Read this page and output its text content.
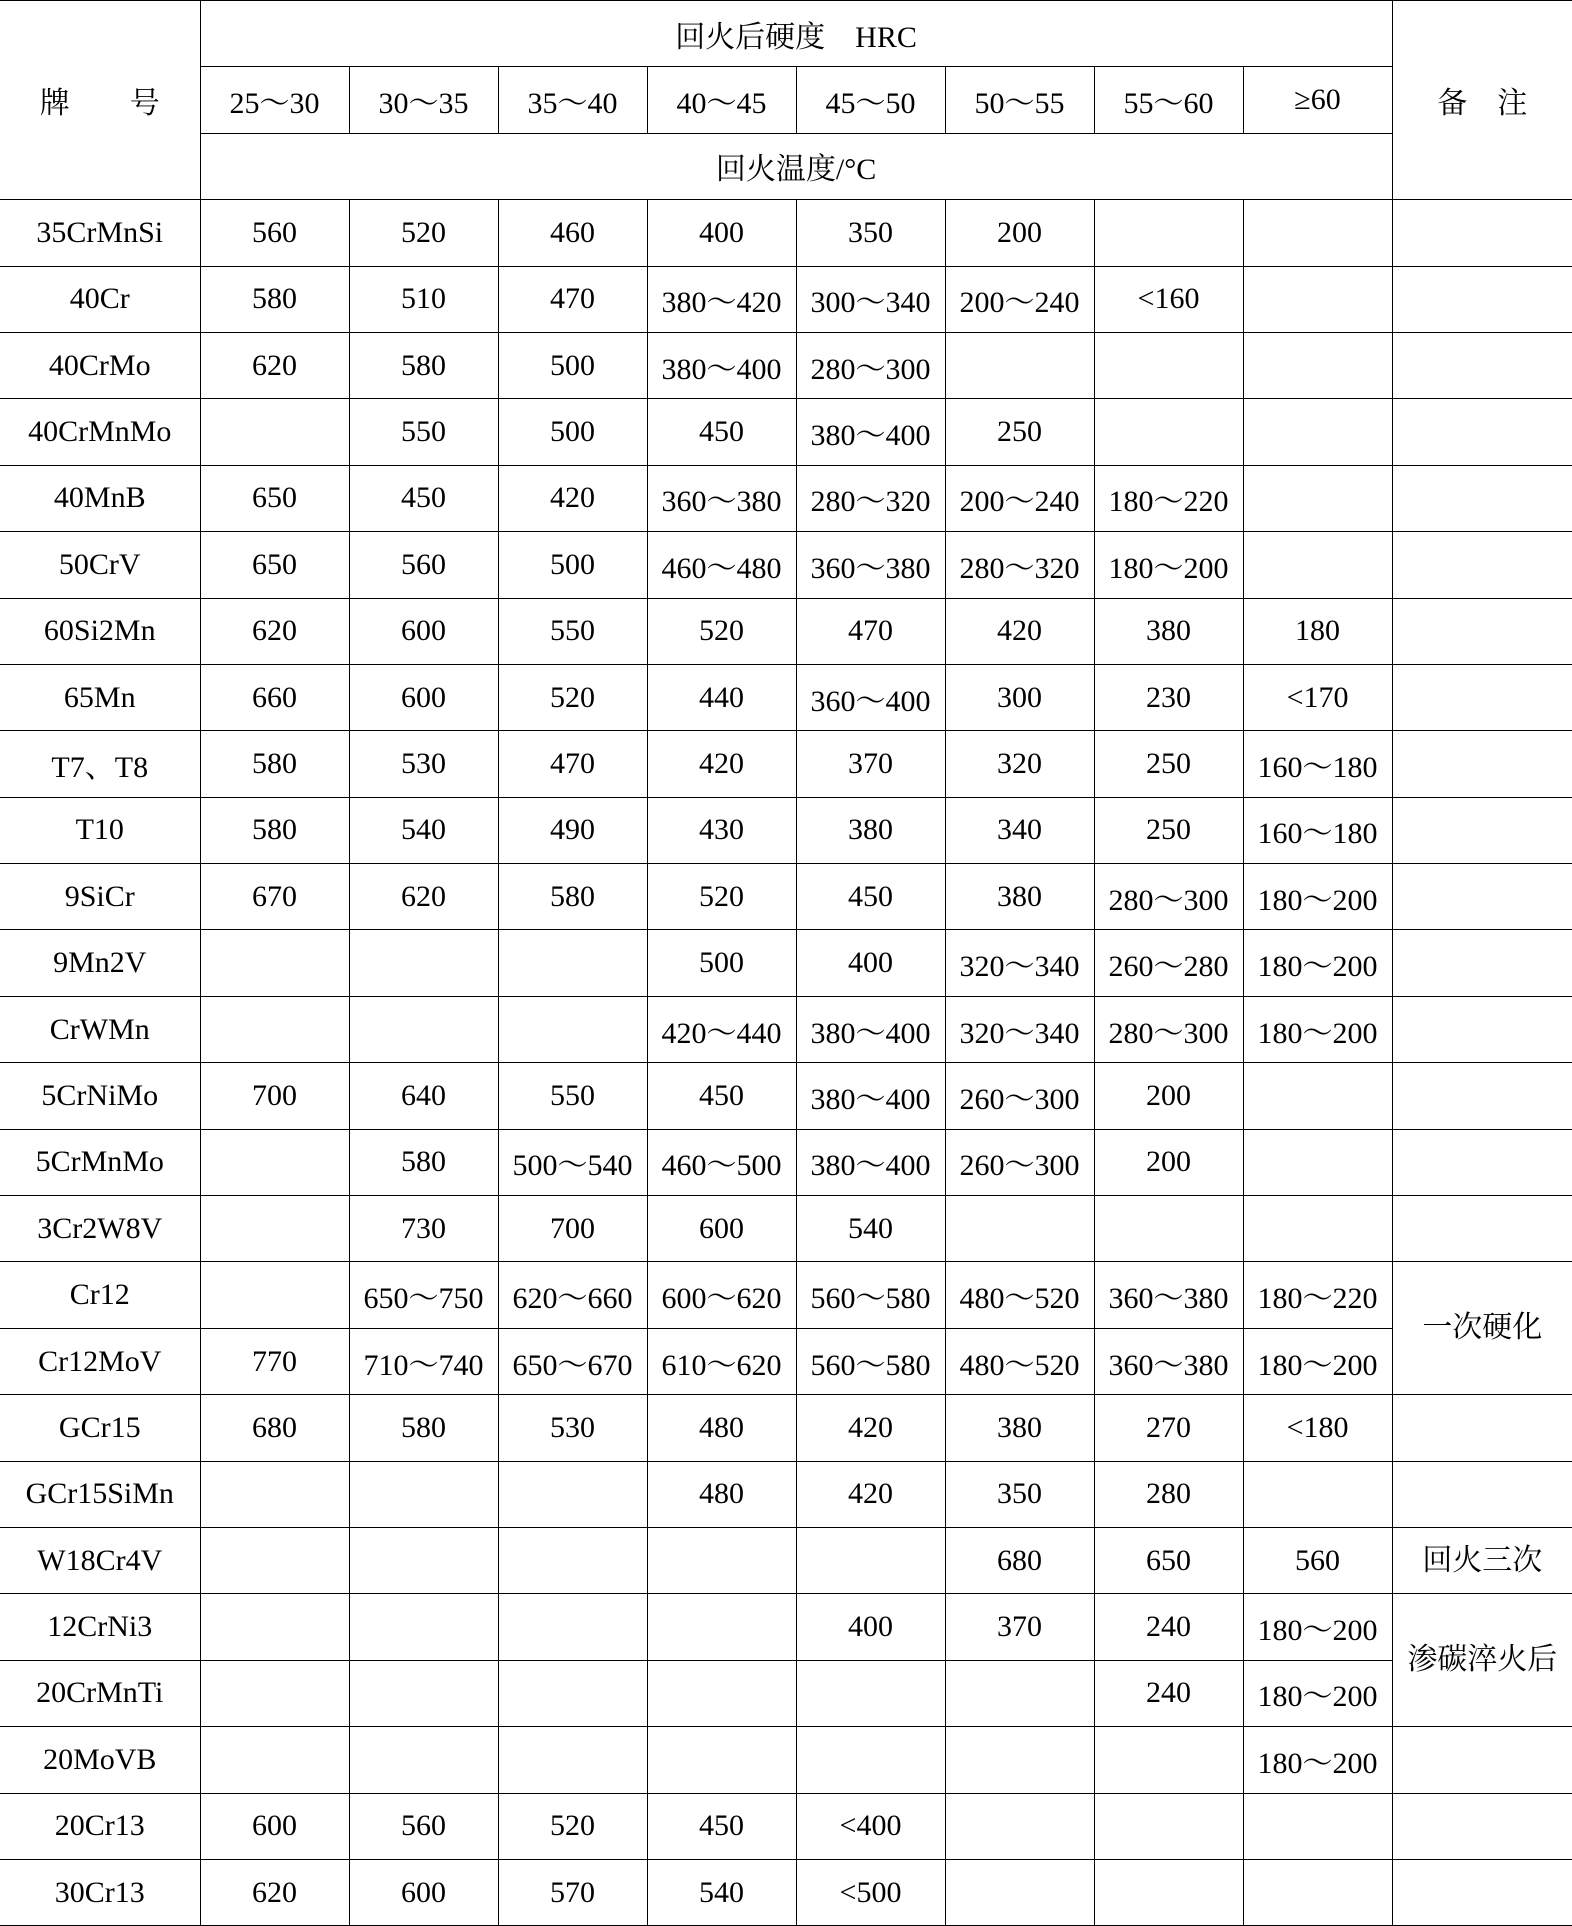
牌　　号	回火后硬度　HRC								备　注
	25～30	30～35	35～40	40～45	45～50	50～55	55～60	≥60	
	回火温度/°C								
35CrMnSi	560	520	460	400	350	200			
40Cr	580	510	470	380～420	300～340	200～240	<160		
40CrMo	620	580	500	380～400	280～300				
40CrMnMo		550	500	450	380～400	250			
40MnB	650	450	420	360～380	280～320	200～240	180～220		
50CrV	650	560	500	460～480	360～380	280～320	180～200		
60Si2Mn	620	600	550	520	470	420	380	180	
65Mn	660	600	520	440	360～400	300	230	<170	
T7、T8	580	530	470	420	370	320	250	160～180	
T10	580	540	490	430	380	340	250	160～180	
9SiCr	670	620	580	520	450	380	280～300	180～200	
9Mn2V				500	400	320～340	260～280	180～200	
CrWMn				420～440	380～400	320～340	280～300	180～200	
5CrNiMo	700	640	550	450	380～400	260～300	200		
5CrMnMo		580	500～540	460～500	380～400	260～300	200		
3Cr2W8V		730	700	600	540				
Cr12		650～750	620～660	600～620	560～580	480～520	360～380	180～220	一次硬化
Cr12MoV	770	710～740	650～670	610～620	560～580	480～520	360～380	180～200	
GCr15	680	580	530	480	420	380	270	<180	
GCr15SiMn				480	420	350	280		
W18Cr4V						680	650	560	回火三次
12CrNi3					400	370	240	180～200	渗碳淬火后
20CrMnTi							240	180～200	
20MoVB								180～200	
20Cr13	600	560	520	450	<400				
30Cr13	620	600	570	540	<500				
